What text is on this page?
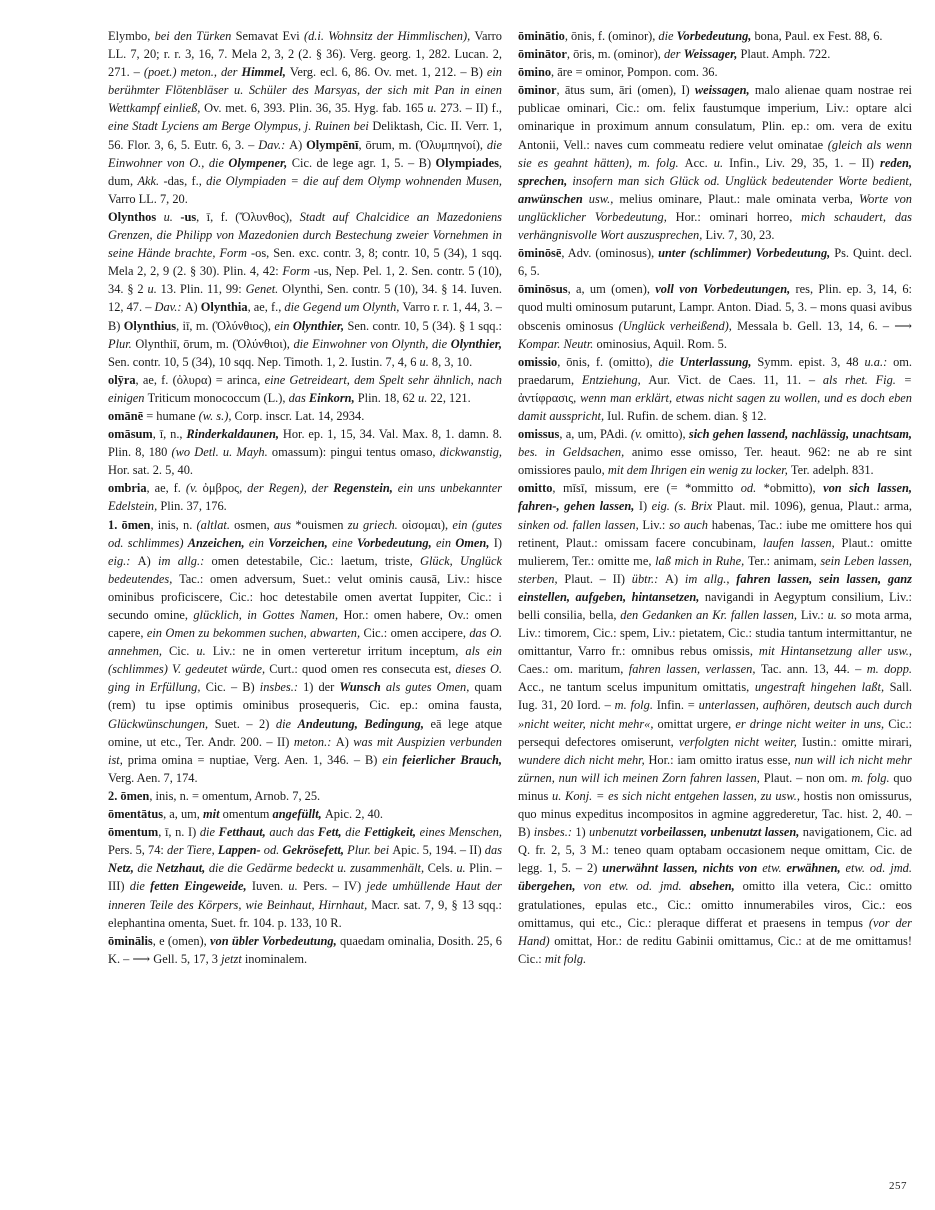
Elymbo, bei den Türken Semavat Evi (d.i. Wohnsitz der Himmlischen), Varro LL. 7, 20; r. r. 3, 16, 7. Mela 2, 3, 2 (2. § 36). Verg. georg. 1, 282. Lucan. 2, 271. – (poet.) meton., der Himmel, Verg. ecl. 6, 86. Ov. met. 1, 212. – B) ein berühmter Flötenbläser u. Schüler des Marsyas, der sich mit Pan in einen Wettkampf einließ, Ov. met. 6, 393. Plin. 36, 35. Hyg. fab. 165 u. 273. – II) f., eine Stadt Lyciens am Berge Olympus, j. Ruinen bei Deliktash, Cic. II. Verr. 1, 56. Flor. 3, 6, 5. Eutr. 6, 3. – Dav.: A) Olympēnī, ōrum, m. (Ὀλυμπηνοί), die Einwohner von O., die Olympener, Cic. de lege agr. 1, 5. – B) Olympiades, dum, Akk. -das, f., die Olympiaden = die auf dem Olymp wohnenden Musen, Varro LL. 7, 20.

Olynthos u. -us, ī, f. (Ὄλυνθος), Stadt auf Chalcidice an Mazedoniens Grenzen, die Philipp von Mazedonien durch Bestechung zweier Vornehmen in seine Hände brachte, Form -os, Sen. exc. contr. 3, 8; contr. 10, 5 (34), 1 sqq. Mela 2, 2, 9 (2. § 30). Plin. 4, 42: Form -us, Nep. Pel. 1, 2. Sen. contr. 5 (10), 34. § 2 u. 13. Plin. 11, 99: Genet. Olynthi, Sen. contr. 5 (10), 34. § 14. Iuven. 12, 47. – Dav.: A) Olynthia, ae, f., die Gegend um Olynth, Varro r. r. 1, 44, 3. – B) Olynthius, iī, m. (Ὀλύνθιος), ein Olynthier, Sen. contr. 10, 5 (34). § 1 sqq.: Plur. Olynthiī, ōrum, m. (Ὀλύνθιοι), die Einwohner von Olynth, die Olynthier, Sen. contr. 10, 5 (34), 10 sqq. Nep. Timoth. 1, 2. Iustin. 7, 4, 6 u. 8, 3, 10.

olȳra, ae, f. (ὀλυρα) = arinca, eine Getreideart, dem Spelt sehr ähnlich, nach einigen Triticum monococcum (L.), das Einkorn, Plin. 18, 62 u. 22, 121.

omānē = humane (w. s.), Corp. inscr. Lat. 14, 2934.

omāsum, ī, n., Rinderkaldaunen, Hor. ep. 1, 15, 34. Val. Max. 8, 1. damn. 8. Plin. 8, 180 (wo Detl. u. Mayh. omassum): pingui tentus omaso, dickwanstig, Hor. sat. 2. 5, 40.

ombria, ae, f. (v. ὀμβρος, der Regen), der Regenstein, ein uns unbekannter Edelstein, Plin. 37, 176.

1. ōmen, inis, n. (altlat. osmen, aus *ouismen zu griech. οἰσομαι), ein (gutes od. schlimmes) Anzeichen, ein Vorzeichen, eine Vorbedeutung, ein Omen, I) eig.: A) im allg.: omen detestabile, Cic.: laetum, triste, Glück, Unglück bedeutendes, Tac.: omen adversum, Suet.: velut ominis causā, Liv.: hisce ominibus proficiscere, Cic.: hoc detestabile omen avertat Iuppiter, Cic.: i secundo omine, glücklich, in Gottes Namen, Hor.: omen habere, Ov.: omen capere, ein Omen zu bekommen suchen, abwarten, Cic.: omen accipere, das O. annehmen, Cic. u. Liv.: ne in omen verteretur irritum inceptum, als ein (schlimmes) V. gedeutet würde, Curt.: quod omen res consecuta est, dieses O. ging in Erfüllung, Cic. – B) insbes.: 1) der Wunsch als gutes Omen, quam (rem) tu ipse optimis ominibus prosequeris, Cic. ep.: omina fausta, Glückwünschungen, Suet. – 2) die Andeutung, Bedingung, eā lege atque omine, ut etc., Ter. Andr. 200. – II) meton.: A) was mit Auspizien verbunden ist, prima omina = nuptiae, Verg. Aen. 1, 346. – B) ein feierlicher Brauch, Verg. Aen. 7, 174.

2. ōmen, inis, n. = omentum, Arnob. 7, 25.

ōmentātus, a, um, mit omentum angefüllt, Apic. 2, 40.

ōmentum, ī, n. I) die Fetthaut, auch das Fett, die Fettigkeit, eines Menschen, Pers. 5, 74: der Tiere, Lappen- od. Gekrösefett, Plur. bei Apic. 5, 194. – II) das Netz, die Netzhaut, die die Gedärme bedeckt u. zusammenhält, Cels. u. Plin. – III) die fetten Eingeweide, Iuven. u. Pers. – IV) jede umhüllende Haut der inneren Teile des Körpers, wie Beinhaut, Hirnhaut, Macr. sat. 7, 9, § 13 sqq.: elephantina omenta, Suet. fr. 104. p. 133, 10 R.

ōminālis, e (omen), von übler Vorbedeutung, quaedam ominalia, Dosith. 25, 6 K. – ⟶ Gell. 5, 17, 3 jetzt inominalem.

ōminātio, ōnis, f. (ominor), die Vorbedeutung, bona, Paul. ex Fest. 88, 6.

ōminātor, ōris, m. (ominor), der Weissager, Plaut. Amph. 722.

ōmino, āre = ominor, Pompon. com. 36.

ōminor, ātus sum, āri (omen), I) weissagen, malo alienae quam nostrae rei publicae ominari, Cic.: om. felix faustumque imperium, Liv.: optare alci ominarique in proximum annum consulatum, Plin. ep.: om. vera de exitu Antonii, Vell.: naves cum commeatu rediere velut ominatae (gleich als wenn sie es geahnt hätten), m. folg. Acc. u. Infin., Liv. 29, 35, 1. – II) reden, sprechen, insofern man sich Glück od. Unglück bedeutender Worte bedient, anwünschen usw., melius ominare, Plaut.: male ominata verba, Worte von unglücklicher Vorbedeutung, Hor.: ominari horreo, mich schaudert, das verhängnisvolle Wort auszusprechen, Liv. 7, 30, 23.

ōminōsē, Adv. (ominosus), unter (schlimmer) Vorbedeutung, Ps. Quint. decl. 6, 5.

ōminōsus, a, um (omen), voll von Vorbedeutungen, res, Plin. ep. 3, 14, 6: quod multi ominosum putarunt, Lampr. Anton. Diad. 5, 3. – mons quasi avibus obscenis ominosus (Unglück verheißend), Messala b. Gell. 13, 14, 6. – ⟶ Kompar. Neutr. ominosius, Aquil. Rom. 5.

omissio, ōnis, f. (omitto), die Unterlassung, Symm. epist. 3, 48 u.a.: om. praedarum, Entziehung, Aur. Vict. de Caes. 11, 11. – als rhet. Fig. = ἀντίφρασις, wenn man erklärt, etwas nicht sagen zu wollen, und es doch eben damit ausspricht, Iul. Rufin. de schem. dian. § 12.

omissus, a, um, PAdi. (v. omitto), sich gehen lassend, nachlässig, unachtsam, bes. in Geldsachen, animo esse omisso, Ter. heaut. 962: ne ab re sint omissiores paulo, mit dem Ihrigen ein wenig zu locker, Ter. adelph. 831.

omitto, mīsī, missum, ere (= *ommitto od. *obmitto), von sich lassen, fahren-, gehen lassen, I) eig. (s. Brix Plaut. mil. 1096), genua, Plaut.: arma, sinken od. fallen lassen, Liv.: so auch habenas, Tac.: iube me omittere hos qui retinent, Plaut.: omissam facere concubinam, laufen lassen, Plaut.: omitte mulierem, Ter.: omitte me, laß mich in Ruhe, Ter.: animam, sein Leben lassen, sterben, Plaut. – II) übtr.: A) im allg., fahren lassen, sein lassen, ganz einstellen, aufgeben, hintansetzen, navigandi in Aegyptum consilium, Liv.: belli consilia, bella, den Gedanken an Kr. fallen lassen, Liv.: u. so mota arma, Liv.: timorem, Cic.: spem, Liv.: pietatem, Cic.: studia tantum intermittantur, ne omittantur, Varro fr.: omnibus rebus omissis, mit Hintansetzung aller usw., Caes.: om. maritum, fahren lassen, verlassen, Tac. ann. 13, 44. – m. dopp. Acc., ne tantum scelus impunitum omittatis, ungestraft hingehen laßt, Sall. Iug. 31, 20 Iord. – m. folg. Infin. = unterlassen, aufhören, deutsch auch durch »nicht weiter, nicht mehr«, omittat urgere, er dringe nicht weiter in uns, Cic.: persequi defectores omiserunt, verfolgten nicht weiter, Iustin.: omitte mirari, wundere dich nicht mehr, Hor.: iam omitto iratus esse, nun will ich nicht mehr zürnen, nun will ich meinen Zorn fahren lassen, Plaut. – non om. m. folg. quo minus u. Konj. = es sich nicht entgehen lassen, zu usw., hostis non omissurus, quo minus expeditus incompositos in agmine aggrederetur, Tac. hist. 2, 40. – B) insbes.: 1) unbenutzt vorbeilassen, unbenutzt lassen, navigationem, Cic. ad Q. fr. 2, 5, 3 M.: teneo quam optabam occasionem neque omittam, Cic. de legg. 1, 5. – 2) unerwähnt lassen, nichts von etw. erwähnen, etw. od. jmd. übergehen, von etw. od. jmd. absehen, omitto illa vetera, Cic.: omitto gratulationes, epulas etc., Cic.: omitto innumerabiles viros, Cic.: eos omittamus, qui etc., Cic.: pleraque differat et praesens in tempus (vor der Hand) omittat, Hor.: de reditu Gabinii omittamus, Cic.: at de me omittamus! Cic.: mit folg.

257
